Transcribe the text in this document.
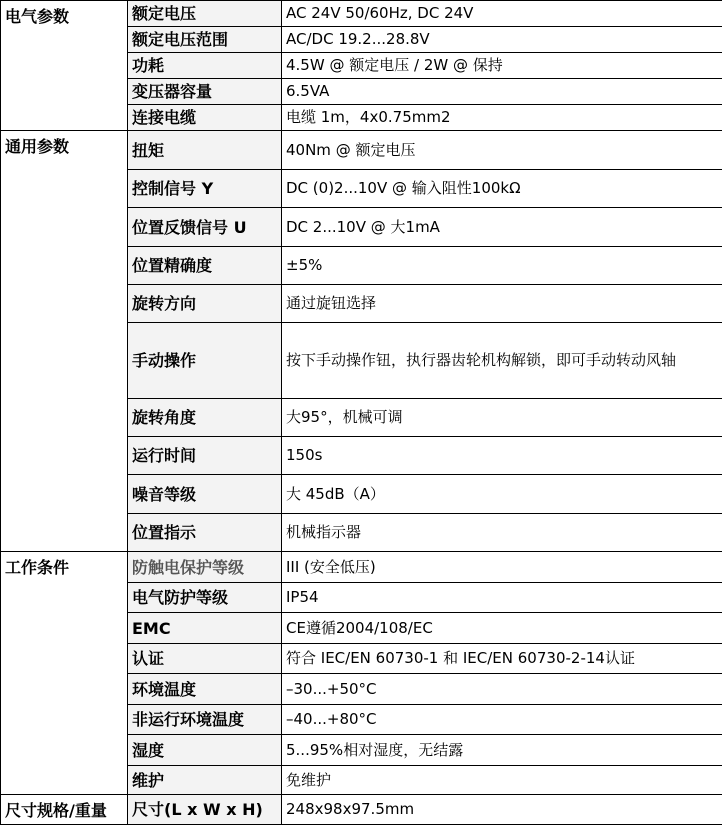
电气参数	额定电压	AC 24V 50/60Hz, DC 24V
	额定电压范围	AC/DC 19.2...28.8V
	功耗	4.5W @ 额定电压 / 2W @ 保持
	变压器容量	6.5VA
	连接电缆	电缆 1m，4x0.75mm2
通用参数	扭矩	40Nm @ 额定电压
	控制信号 Y	DC (0)2...10V @ 输入阻性100kΩ
	位置反馈信号 U	DC 2...10V @ 大1mA
	位置精确度	±5%
	旋转方向	通过旋钮选择
	手动操作	按下手动操作钮，执行器齿轮机构解锁，即可手动转动风轴
	旋转角度	大95°，机械可调
	运行时间	150s
	噪音等级	大 45dB（A）
	位置指示	机械指示器
工作条件	防触电保护等级	III (安全低压)
	电气防护等级	IP54
	EMC	CE遵循2004/108/EC
	认证	符合 IEC/EN 60730-1 和 IEC/EN 60730-2-14认证
	环境温度	–30...+50°C
	非运行环境温度	–40...+80°C
	湿度	5...95%相对湿度，无结露
	维护	免维护
尺寸规格/重量	尺寸(L x W x H)	248x98x97.5mm
